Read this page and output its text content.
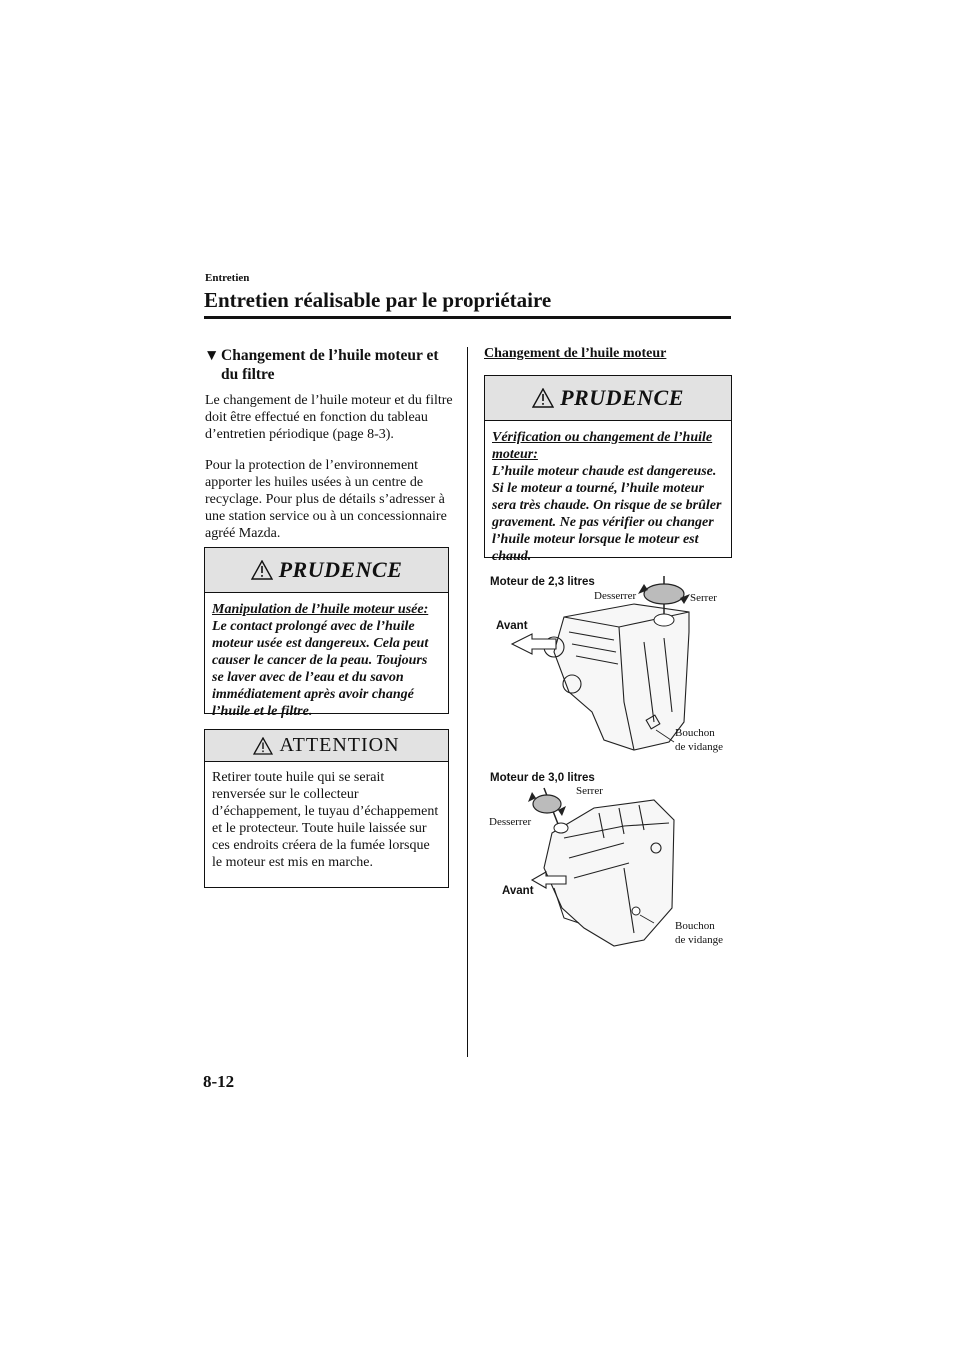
Entretien
Entretien réalisable par le propriétaire
▼ Changement de l’huile moteur et du filtre
Le changement de l’huile moteur et du filtre doit être effectué en fonction du tableau d’entretien périodique (page 8-3).
Pour la protection de l’environnement apporter les huiles usées à un centre de recyclage. Pour plus de détails s’adresser à une station service ou à un concessionnaire agréé Mazda.
PRUDENCE
Manipulation de l’huile moteur usée:
Le contact prolongé avec de l’huile moteur usée est dangereux. Cela peut causer le cancer de la peau. Toujours se laver avec de l’eau et du savon immédiatement après avoir changé l’huile et le filtre.
ATTENTION
Retirer toute huile qui se serait renversée sur le collecteur d’échappement, le tuyau d’échappement et le protecteur. Toute huile laissée sur ces endroits créera de la fumée lorsque le moteur est mis en marche.
Changement de l’huile moteur
PRUDENCE
Vérification ou changement de l’huile moteur:
L’huile moteur chaude est dangereuse. Si le moteur a tourné, l’huile moteur sera très chaude. On risque de se brûler gravement. Ne pas vérifier ou changer l’huile moteur lorsque le moteur est chaud.
Moteur de 2,3 litres
Desserrer	Serrer
Avant
Bouchon
de vidange
Moteur de 3,0 litres
Serrer
Desserrer
Avant
Bouchon
de vidange
8-12
